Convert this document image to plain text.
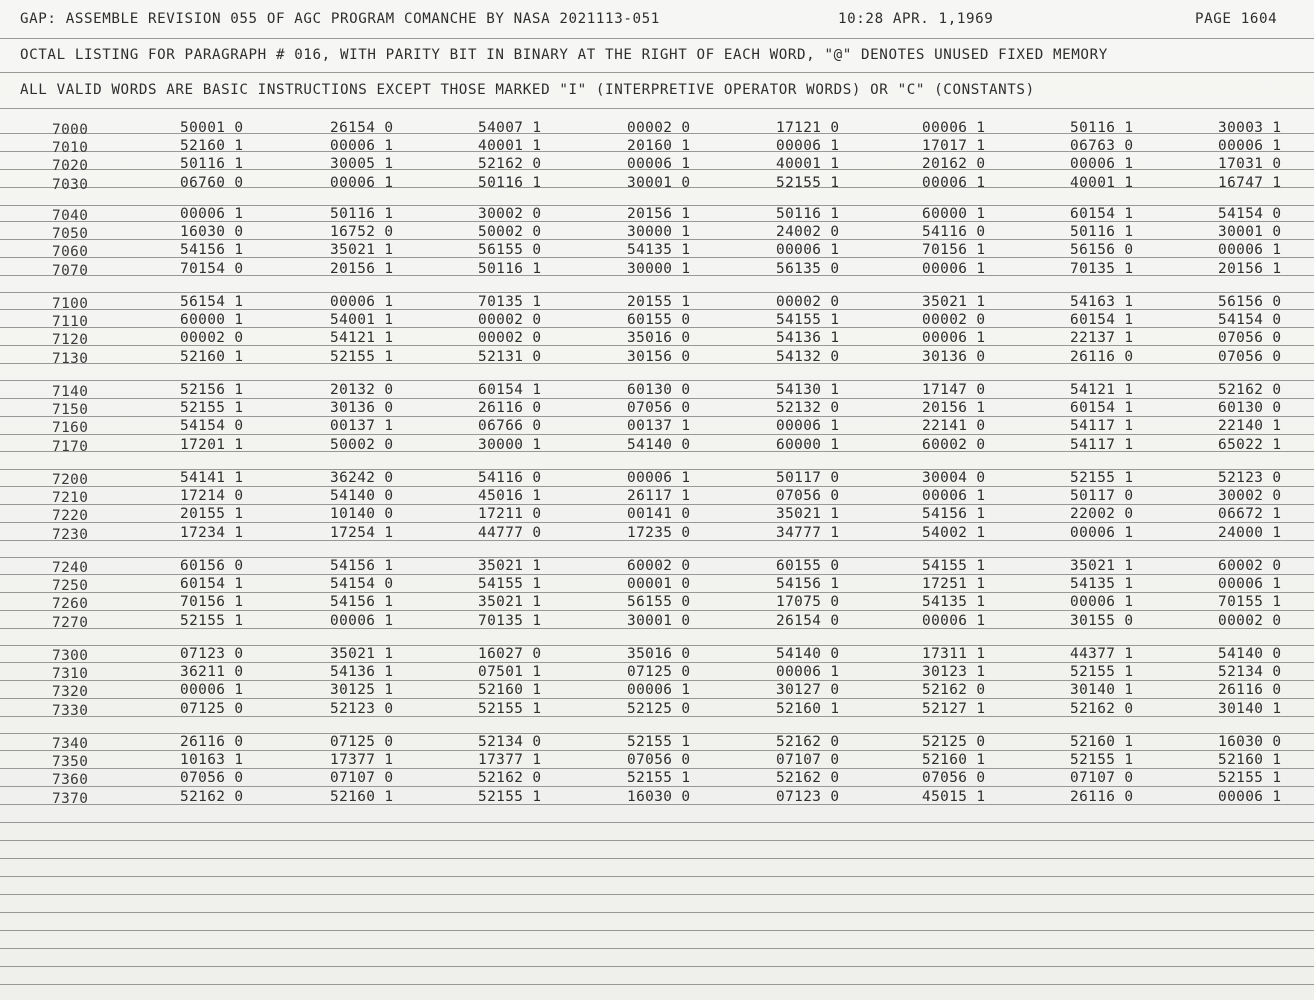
GAP: ASSEMBLE REVISION 055 OF AGC PROGRAM COMANCHE BY NASA 2021113-051	10:28 APR. 1,1969	PAGE 1604
OCTAL LISTING FOR PARAGRAPH # 016, WITH PARITY BIT IN BINARY AT THE RIGHT OF EACH WORD, "@" DENOTES UNUSED FIXED MEMORY
ALL VALID WORDS ARE BASIC INSTRUCTIONS EXCEPT THOSE MARKED "I" (INTERPRETIVE OPERATOR WORDS) OR "C" (CONSTANTS)
7000	50001 0	26154 0	54007 1	00002 0	17121 0	00006 1	50116 1	30003 1
7010	52160 1	00006 1	40001 1	20160 1	00006 1	17017 1	06763 0	00006 1
7020	50116 1	30005 1	52162 0	00006 1	40001 1	20162 0	00006 1	17031 0
7030	06760 0	00006 1	50116 1	30001 0	52155 1	00006 1	40001 1	16747 1
7040	00006 1	50116 1	30002 0	20156 1	50116 1	60000 1	60154 1	54154 0
7050	16030 0	16752 0	50002 0	30000 1	24002 0	54116 0	50116 1	30001 0
7060	54156 1	35021 1	56155 0	54135 1	00006 1	70156 1	56156 0	00006 1
7070	70154 0	20156 1	50116 1	30000 1	56135 0	00006 1	70135 1	20156 1
7100	56154 1	00006 1	70135 1	20155 1	00002 0	35021 1	54163 1	56156 0
7110	60000 1	54001 1	00002 0	60155 0	54155 1	00002 0	60154 1	54154 0
7120	00002 0	54121 1	00002 0	35016 0	54136 1	00006 1	22137 1	07056 0
7130	52160 1	52155 1	52131 0	30156 0	54132 0	30136 0	26116 0	07056 0
7140	52156 1	20132 0	60154 1	60130 0	54130 1	17147 0	54121 1	52162 0
7150	52155 1	30136 0	26116 0	07056 0	52132 0	20156 1	60154 1	60130 0
7160	54154 0	00137 1	06766 0	00137 1	00006 1	22141 0	54117 1	22140 1
7170	17201 1	50002 0	30000 1	54140 0	60000 1	60002 0	54117 1	65022 1
7200	54141 1	36242 0	54116 0	00006 1	50117 0	30004 0	52155 1	52123 0
7210	17214 0	54140 0	45016 1	26117 1	07056 0	00006 1	50117 0	30002 0
7220	20155 1	10140 0	17211 0	00141 0	35021 1	54156 1	22002 0	06672 1
7230	17234 1	17254 1	44777 0	17235 0	34777 1	54002 1	00006 1	24000 1
7240	60156 0	54156 1	35021 1	60002 0	60155 0	54155 1	35021 1	60002 0
7250	60154 1	54154 0	54155 1	00001 0	54156 1	17251 1	54135 1	00006 1
7260	70156 1	54156 1	35021 1	56155 0	17075 0	54135 1	00006 1	70155 1
7270	52155 1	00006 1	70135 1	30001 0	26154 0	00006 1	30155 0	00002 0
7300	07123 0	35021 1	16027 0	35016 0	54140 0	17311 1	44377 1	54140 0
7310	36211 0	54136 1	07501 1	07125 0	00006 1	30123 1	52155 1	52134 0
7320	00006 1	30125 1	52160 1	00006 1	30127 0	52162 0	30140 1	26116 0
7330	07125 0	52123 0	52155 1	52125 0	52160 1	52127 1	52162 0	30140 1
7340	26116 0	07125 0	52134 0	52155 1	52162 0	52125 0	52160 1	16030 0
7350	10163 1	17377 1	17377 1	07056 0	07107 0	52160 1	52155 1	52160 1
7360	07056 0	07107 0	52162 0	52155 1	52162 0	07056 0	07107 0	52155 1
7370	52162 0	52160 1	52155 1	16030 0	07123 0	45015 1	26116 0	00006 1
